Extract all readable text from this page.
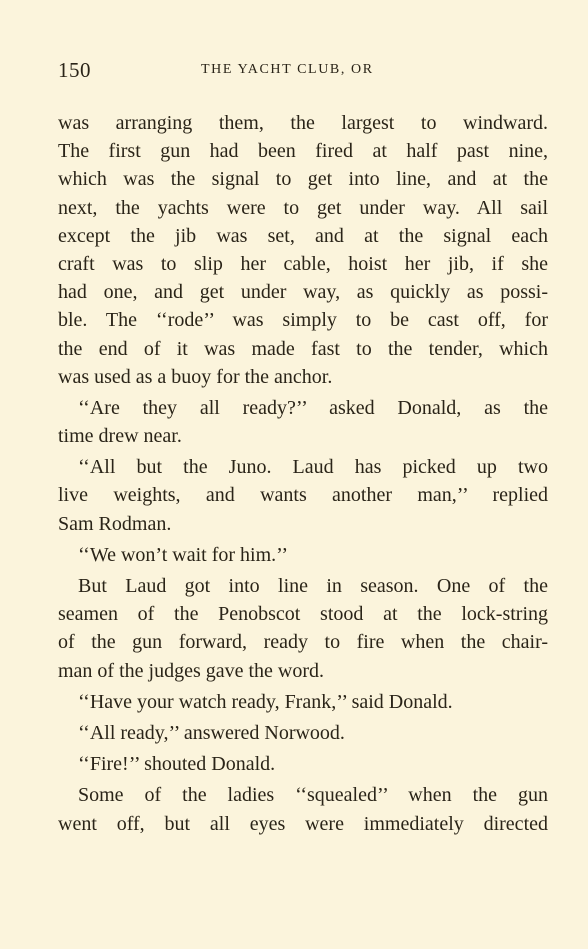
150	THE YACHT CLUB, OR
was arranging them, the largest to windward.
The first gun had been fired at half past nine,
which was the signal to get into line, and at the
next, the yachts were to get under way. All sail
except the jib was set, and at the signal each
craft was to slip her cable, hoist her jib, if she
had one, and get under way, as quickly as possi-
ble. The ‘‘rode’’ was simply to be cast off, for
the end of it was made fast to the tender, which
was used as a buoy for the anchor.
‘‘Are they all ready?’’ asked Donald, as the
time drew near.
‘‘All but the Juno. Laud has picked up two
live weights, and wants another man,’’ replied
Sam Rodman.
‘‘We won’t wait for him.’’
But Laud got into line in season. One of the
seamen of the Penobscot stood at the lock-string
of the gun forward, ready to fire when the chair-
man of the judges gave the word.
‘‘Have your watch ready, Frank,’’ said Donald.
‘‘All ready,’’ answered Norwood.
‘‘Fire!’’ shouted Donald.
Some of the ladies ‘‘squealed’’ when the gun
went off, but all eyes were immediately directed
